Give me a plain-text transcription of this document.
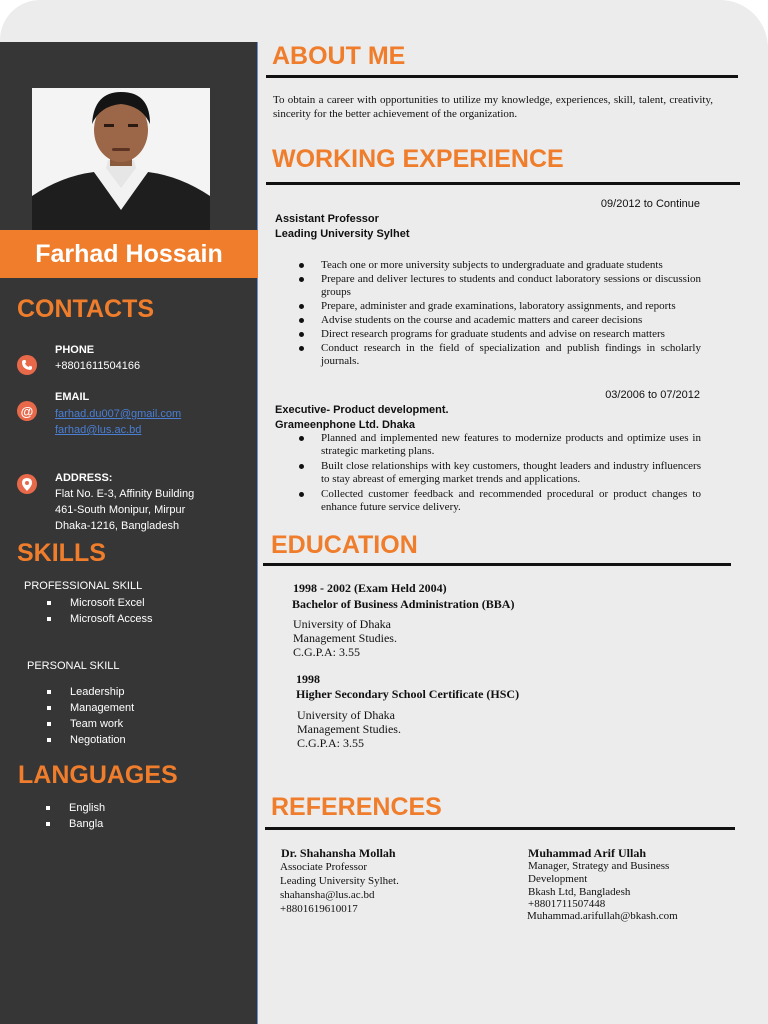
Farhad Hossain
CONTACTS
PHONE
+8801611504166
@
EMAIL
farhad.du007@gmail.com
farhad@lus.ac.bd
ADDRESS:
Flat No. E-3, Affinity Building
461-South Monipur, Mirpur
Dhaka-1216, Bangladesh
SKILLS
PROFESSIONAL SKILL
Microsoft Excel
Microsoft Access
PERSONAL SKILL
Leadership
Management
Team work
Negotiation
LANGUAGES
English
Bangla
ABOUT ME
To obtain a career with opportunities to utilize my knowledge, experiences, skill, talent, creativity, sincerity for the better achievement of the organization.
WORKING EXPERIENCE
09/2012 to Continue
Assistant Professor
Leading University Sylhet
Teach one or more university subjects to undergraduate and graduate students
Prepare and deliver lectures to students and conduct laboratory sessions or discussion groups
Prepare, administer and grade examinations, laboratory assignments, and reports
Advise students on the course and academic matters and career decisions
Direct research programs for graduate students and advise on research matters
Conduct research in the field of specialization and publish findings in scholarly journals.
03/2006 to 07/2012
Executive- Product development.
Grameenphone Ltd. Dhaka
Planned and implemented new features to modernize products and optimize uses in strategic marketing plans.
Built close relationships with key customers, thought leaders and industry influencers to stay abreast of emerging market trends and applications.
Collected customer feedback and recommended procedural or product changes to enhance future service delivery.
EDUCATION
1998 - 2002 (Exam Held 2004)
Bachelor of Business Administration (BBA)
University of Dhaka
Management Studies.
C.G.P.A: 3.55
1998
Higher Secondary School Certificate (HSC)
University of Dhaka
Management Studies.
C.G.P.A: 3.55
REFERENCES
Dr. Shahansha Mollah
Associate Professor
Leading University Sylhet.
shahansha@lus.ac.bd
+8801619610017
Muhammad Arif Ullah
Manager, Strategy and Business Development
Bkash Ltd, Bangladesh
+8801711507448
Muhammad.arifullah@bkash.com
